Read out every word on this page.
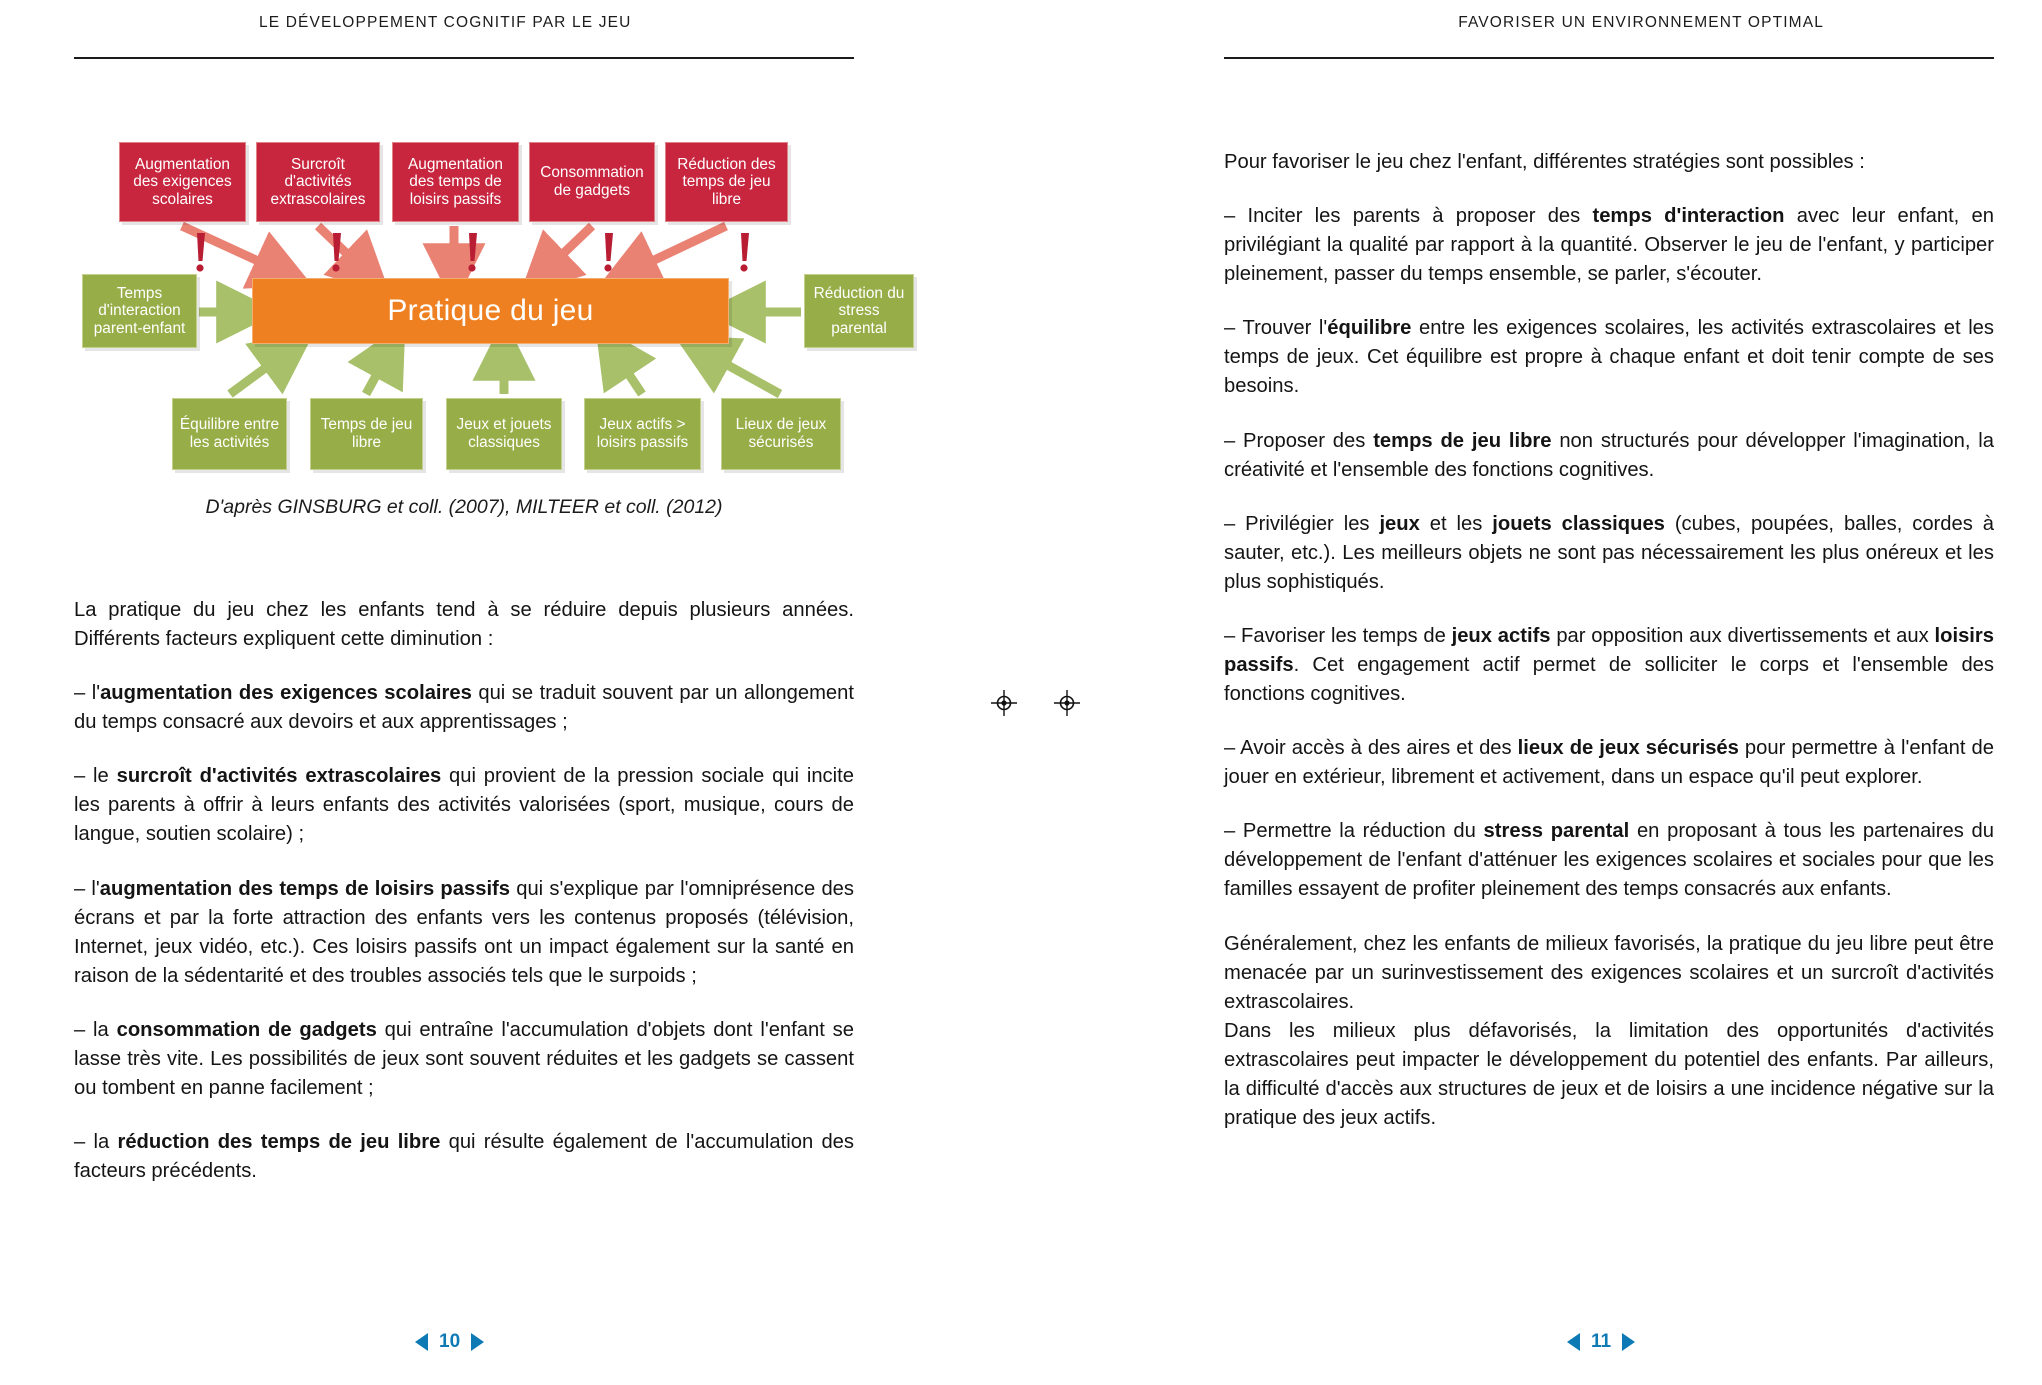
LE DÉVELOPPEMENT COGNITIF PAR LE JEU
Augmentation des exigences scolaires
Surcroît d'activités extrascolaires
Augmentation des temps de loisirs passifs
Consommation de gadgets
Réduction des temps de jeu libre
Temps d'interaction parent-enfant
Réduction du stress parental
Pratique du jeu
Équilibre entre les activités
Temps de jeu libre
Jeux et jouets classiques
Jeux actifs > loisirs passifs
Lieux de jeux sécurisés
D'après GINSBURG et coll. (2007), MILTEER et coll. (2012)

La pratique du jeu chez les enfants tend à se réduire depuis plusieurs années. Différents facteurs expliquent cette diminution :

– l'augmentation des exigences scolaires qui se traduit souvent par un allongement du temps consacré aux devoirs et aux apprentissages ;

– le surcroît d'activités extrascolaires qui provient de la pression sociale qui incite les parents à offrir à leurs enfants des activités valorisées (sport, musique, cours de langue, soutien scolaire) ;

– l'augmentation des temps de loisirs passifs qui s'explique par l'omniprésence des écrans et par la forte attraction des enfants vers les contenus proposés (télévision, Internet, jeux vidéo, etc.). Ces loisirs passifs ont un impact également sur la santé en raison de la sédentarité et des troubles associés tels que le surpoids ;

– la consommation de gadgets qui entraîne l'accumulation d'objets dont l'enfant se lasse très vite. Les possibilités de jeux sont souvent réduites et les gadgets se cassent ou tombent en panne facilement ;

– la réduction des temps de jeu libre qui résulte également de l'accumulation des facteurs précédents.

10
FAVORISER UN ENVIRONNEMENT OPTIMAL

Pour favoriser le jeu chez l'enfant, différentes stratégies sont possibles :

– Inciter les parents à proposer des temps d'interaction avec leur enfant, en privilégiant la qualité par rapport à la quantité. Observer le jeu de l'enfant, y participer pleinement, passer du temps ensemble, se parler, s'écouter.

– Trouver l'équilibre entre les exigences scolaires, les activités extrascolaires et les temps de jeux. Cet équilibre est propre à chaque enfant et doit tenir compte de ses besoins.

– Proposer des temps de jeu libre non structurés pour développer l'imagination, la créativité et l'ensemble des fonctions cognitives.

– Privilégier les jeux et les jouets classiques (cubes, poupées, balles, cordes à sauter, etc.). Les meilleurs objets ne sont pas nécessairement les plus onéreux et les plus sophistiqués.

– Favoriser les temps de jeux actifs par opposition aux divertissements et aux loisirs passifs. Cet engagement actif permet de solliciter le corps et l'ensemble des fonctions cognitives.

– Avoir accès à des aires et des lieux de jeux sécurisés pour permettre à l'enfant de jouer en extérieur, librement et activement, dans un espace qu'il peut explorer.

– Permettre la réduction du stress parental en proposant à tous les partenaires du développement de l'enfant d'atténuer les exigences scolaires et sociales pour que les familles essayent de profiter pleinement des temps consacrés aux enfants.

Généralement, chez les enfants de milieux favorisés, la pratique du jeu libre peut être menacée par un surinvestissement des exigences scolaires et un surcroît d'activités extrascolaires.

Dans les milieux plus défavorisés, la limitation des opportunités d'activités extrascolaires peut impacter le développement du potentiel des enfants. Par ailleurs, la difficulté d'accès aux structures de jeux et de loisirs a une incidence négative sur la pratique des jeux actifs.

11
